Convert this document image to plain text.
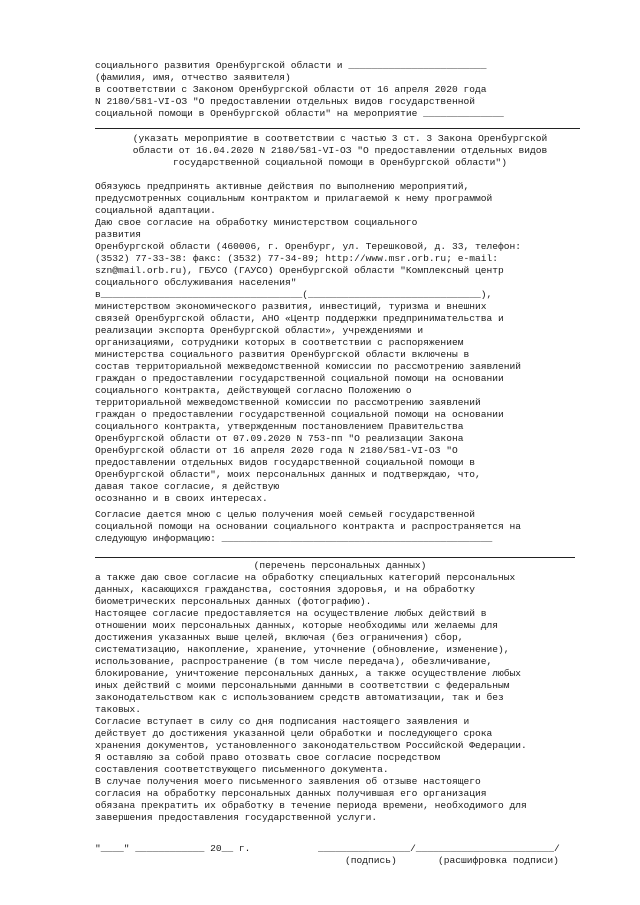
социального развития Оренбургской области и ________________________
(фамилия, имя, отчество заявителя)
в соответствии с Законом Оренбургской области от 16 апреля 2020 года
N 2180/581-VI-ОЗ "О предоставлении отдельных видов государственной
социальной помощи в Оренбургской области" на мероприятие ______________
(указать мероприятие в соответствии с частью 3 ст. 3 Закона Оренбургской
области от 16.04.2020 N 2180/581-VI-ОЗ "О предоставлении отдельных видов
государственной социальной помощи в Оренбургской области")
Обязуюсь предпринять активные действия по выполнению мероприятий,
предусмотренных социальным контрактом и прилагаемой к нему программой
социальной адаптации.
Даю свое согласие на обработку министерством социального
развития
Оренбургской области (460006, г. Оренбург, ул. Терешковой, д. 33, телефон:
(3532) 77-33-38: факс: (3532) 77-34-89; http://www.msr.orb.ru; e-mail:
szn@mail.orb.ru), ГБУСО (ГАУСО) Оренбургской области "Комплексный центр
социального обслуживания населения"
в___________________________________(______________________________),
министерством экономического развития, инвестиций, туризма и внешних
связей Оренбургской области, АНО «Центр поддержки предпринимательства и
реализации экспорта Оренбургской области», учреждениями и
организациями, сотрудники которых в соответствии с распоряжением
министерства социального развития Оренбургской области включены в
состав территориальной межведомственной комиссии по рассмотрению заявлений
граждан о предоставлении государственной социальной помощи на основании
социального контракта, действующей согласно Положению о
территориальной межведомственной комиссии по рассмотрению заявлений
граждан о предоставлении государственной социальной помощи на основании
социального контракта, утвержденным постановлением Правительства
Оренбургской области от 07.09.2020 N 753-пп "О реализации Закона
Оренбургской области от 16 апреля 2020 года N 2180/581-VI-ОЗ "О
предоставлении отдельных видов государственной социальной помощи в
Оренбургской области", моих персональных данных и подтверждаю, что,
давая такое согласие, я действую
осознанно и в своих интересах.
Согласие дается мною с целью получения моей семьей государственной
социальной помощи на основании социального контракта и распространяется на
следующую информацию: _______________________________________________
(перечень персональных данных)
а также даю свое согласие на обработку специальных категорий персональных
данных, касающихся гражданства, состояния здоровья, и на обработку
биометрических персональных данных (фотографию).
Настоящее согласие предоставляется на осуществление любых действий в
отношении моих персональных данных, которые необходимы или желаемы для
достижения указанных выше целей, включая (без ограничения) сбор,
систематизацию, накопление, хранение, уточнение (обновление, изменение),
использование, распространение (в том числе передача), обезличивание,
блокирование, уничтожение персональных данных, а также осуществление любых
иных действий с моими персональными данными в соответствии с федеральным
законодательством как с использованием средств автоматизации, так и без
таковых.
Согласие вступает в силу со дня подписания настоящего заявления и
действует до достижения указанной цели обработки и последующего срока
хранения документов, установленного законодательством Российской Федерации.
Я оставляю за собой право отозвать свое согласие посредством
составления соответствующего письменного документа.
В случае получения моего письменного заявления об отзыве настоящего
согласия на обработку персональных данных получившая его организация
обязана прекратить их обработку в течение периода времени, необходимого для
завершения предоставления государственной услуги.
"____" ____________ 20__ г.	________________/________________________/
(подпись)	(расшифровка подписи)
